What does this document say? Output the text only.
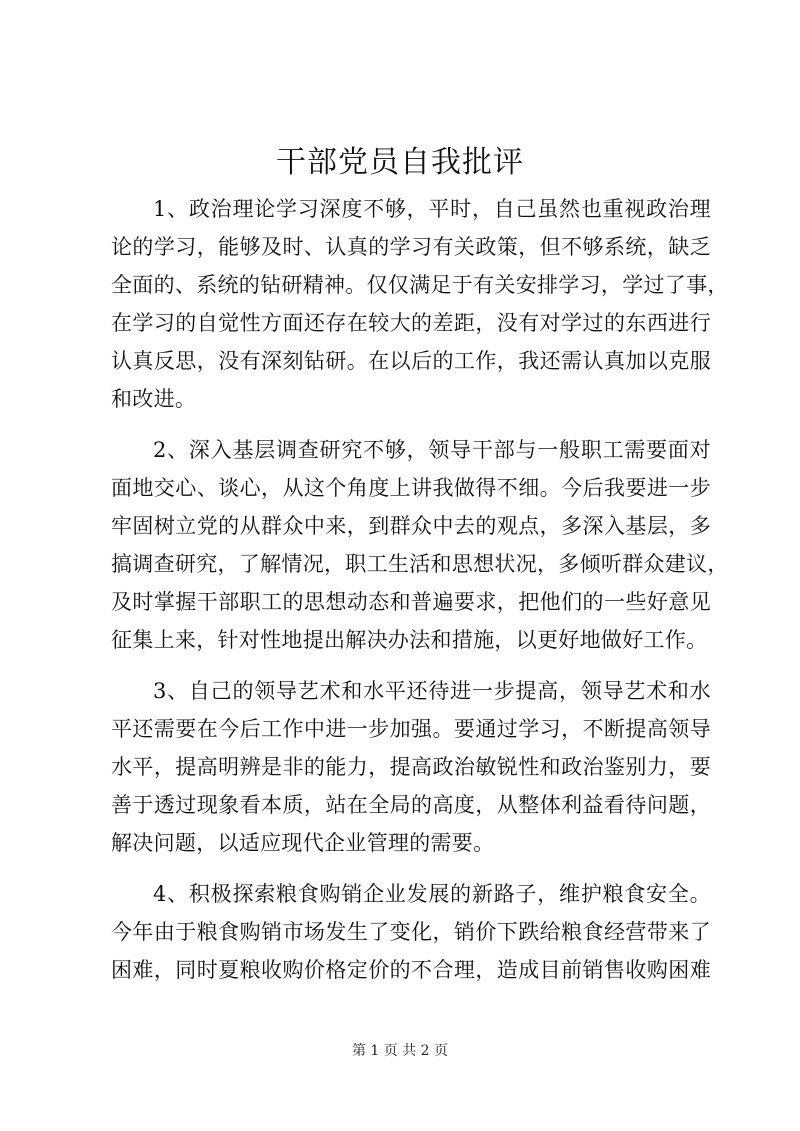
干部党员自我批评
1、政治理论学习深度不够，平时，自己虽然也重视政治理
论的学习，能够及时、认真的学习有关政策，但不够系统，缺乏
全面的、系统的钻研精神。仅仅满足于有关安排学习，学过了事，
在学习的自觉性方面还存在较大的差距，没有对学过的东西进行
认真反思，没有深刻钻研。在以后的工作，我还需认真加以克服
和改进。
2、深入基层调查研究不够，领导干部与一般职工需要面对
面地交心、谈心，从这个角度上讲我做得不细。今后我要进一步
牢固树立党的从群众中来，到群众中去的观点，多深入基层，多
搞调查研究，了解情况，职工生活和思想状况，多倾听群众建议，
及时掌握干部职工的思想动态和普遍要求，把他们的一些好意见
征集上来，针对性地提出解决办法和措施，以更好地做好工作。
3、自己的领导艺术和水平还待进一步提高，领导艺术和水
平还需要在今后工作中进一步加强。要通过学习，不断提高领导
水平，提高明辨是非的能力，提高政治敏锐性和政治鉴别力，要
善于透过现象看本质，站在全局的高度，从整体利益看待问题，
解决问题，以适应现代企业管理的需要。
4、积极探索粮食购销企业发展的新路子，维护粮食安全。
今年由于粮食购销市场发生了变化，销价下跌给粮食经营带来了
困难，同时夏粮收购价格定价的不合理，造成目前销售收购困难
第 1 页 共 2 页
